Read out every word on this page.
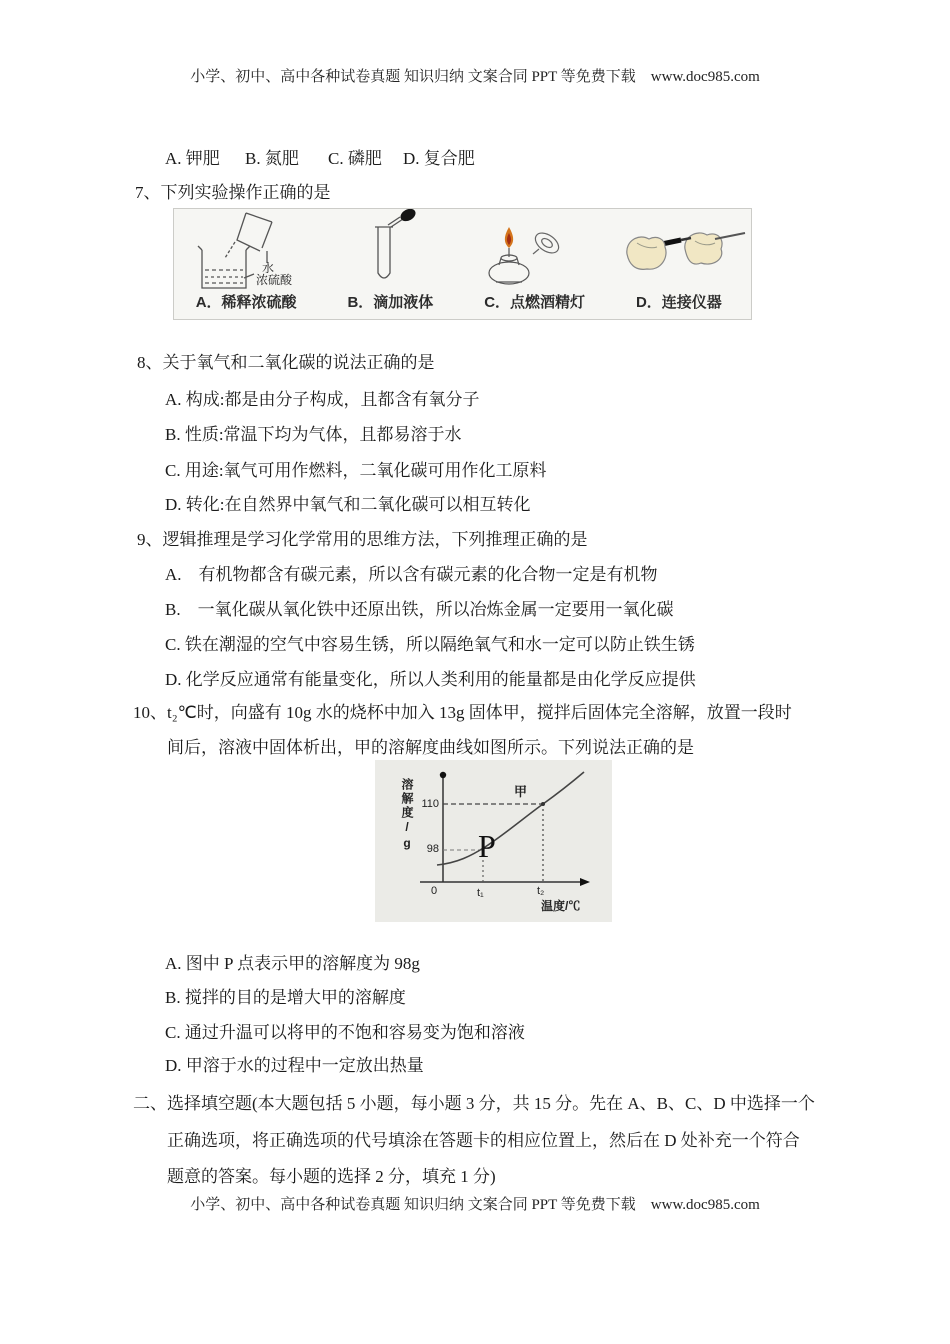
小学、初中、高中各种试卷真题 知识归纳 文案合同 PPT 等免费下载　www.doc985.com
A. 钾肥 B. 氮肥 C. 磷肥 D. 复合肥
7、下列实验操作正确的是
水
浓硫酸
A．稀释浓硫酸	B．滴加液体	C．点燃酒精灯	D．连接仪器
8、关于氧气和二氧化碳的说法正确的是
A. 构成:都是由分子构成，且都含有氧分子
B. 性质:常温下均为气体，且都易溶于水
C. 用途:氧气可用作燃料，二氧化碳可用作化工原料
D. 转化:在自然界中氧气和二氧化碳可以相互转化
9、逻辑推理是学习化学常用的思维方法，下列推理正确的是
A.　有机物都含有碳元素，所以含有碳元素的化合物一定是有机物
B.　一氧化碳从氧化铁中还原出铁，所以冶炼金属一定要用一氧化碳
C. 铁在潮湿的空气中容易生锈，所以隔绝氧气和水一定可以防止铁生锈
D. 化学反应通常有能量变化，所以人类利用的能量都是由化学反应提供
10、t₂℃时，向盛有 10g 水的烧杯中加入 13g 固体甲，搅拌后固体完全溶解，放置一段时
间后，溶液中固体析出，甲的溶解度曲线如图所示。下列说法正确的是
溶解度/g 110
98
0	t₁	t₂
温度/℃
甲
P
A. 图中 P 点表示甲的溶解度为 98g
B. 搅拌的目的是增大甲的溶解度
C. 通过升温可以将甲的不饱和容易变为饱和溶液
D. 甲溶于水的过程中一定放出热量
二、选择填空题(本大题包括 5 小题，每小题 3 分，共 15 分。先在 A、B、C、D 中选择一个
正确选项，将正确选项的代号填涂在答题卡的相应位置上，然后在 D 处补充一个符合
题意的答案。每小题的选择 2 分，填充 1 分)
小学、初中、高中各种试卷真题 知识归纳 文案合同 PPT 等免费下载　www.doc985.com
